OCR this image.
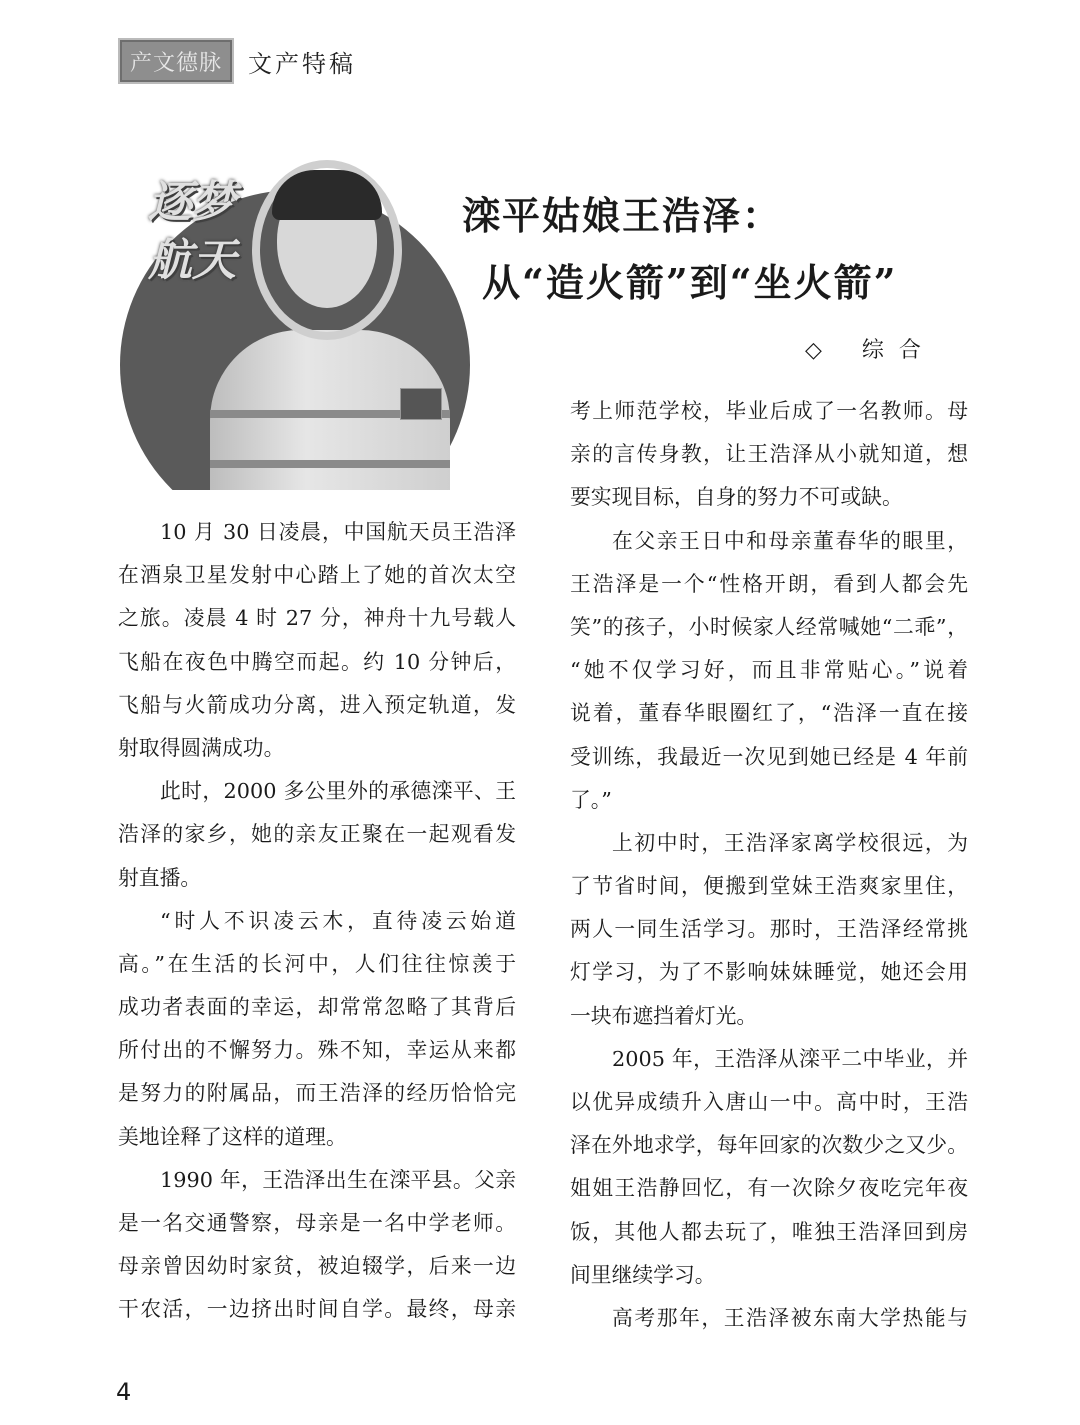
产文德脉	文产特稿
逐梦
航天
滦平姑娘王浩泽：
从“造火箭”到“坐火箭”
◇ 综 合
10 月 30 日凌晨，中国航天员王浩泽
在酒泉卫星发射中心踏上了她的首次太空
之旅。凌晨 4 时 27 分，神舟十九号载人
飞船在夜色中腾空而起。约 10 分钟后，
飞船与火箭成功分离，进入预定轨道，发
射取得圆满成功。
此时，2000 多公里外的承德滦平、王
浩泽的家乡，她的亲友正聚在一起观看发
射直播。
“时人不识凌云木，直待凌云始道
高。”在生活的长河中，人们往往惊羡于
成功者表面的幸运，却常常忽略了其背后
所付出的不懈努力。殊不知，幸运从来都
是努力的附属品，而王浩泽的经历恰恰完
美地诠释了这样的道理。
1990 年，王浩泽出生在滦平县。父亲
是一名交通警察，母亲是一名中学老师。
母亲曾因幼时家贫，被迫辍学，后来一边
干农活，一边挤出时间自学。最终，母亲
考上师范学校，毕业后成了一名教师。母
亲的言传身教，让王浩泽从小就知道，想
要实现目标，自身的努力不可或缺。
在父亲王日中和母亲董春华的眼里，
王浩泽是一个“性格开朗，看到人都会先
笑”的孩子，小时候家人经常喊她“二乖”，
“她不仅学习好，而且非常贴心。”说着
说着，董春华眼圈红了，“浩泽一直在接
受训练，我最近一次见到她已经是 4 年前
了。”
上初中时，王浩泽家离学校很远，为
了节省时间，便搬到堂妹王浩爽家里住，
两人一同生活学习。那时，王浩泽经常挑
灯学习，为了不影响妹妹睡觉，她还会用
一块布遮挡着灯光。
2005 年，王浩泽从滦平二中毕业，并
以优异成绩升入唐山一中。高中时，王浩
泽在外地求学，每年回家的次数少之又少。
姐姐王浩静回忆，有一次除夕夜吃完年夜
饭，其他人都去玩了，唯独王浩泽回到房
间里继续学习。
高考那年，王浩泽被东南大学热能与
4
